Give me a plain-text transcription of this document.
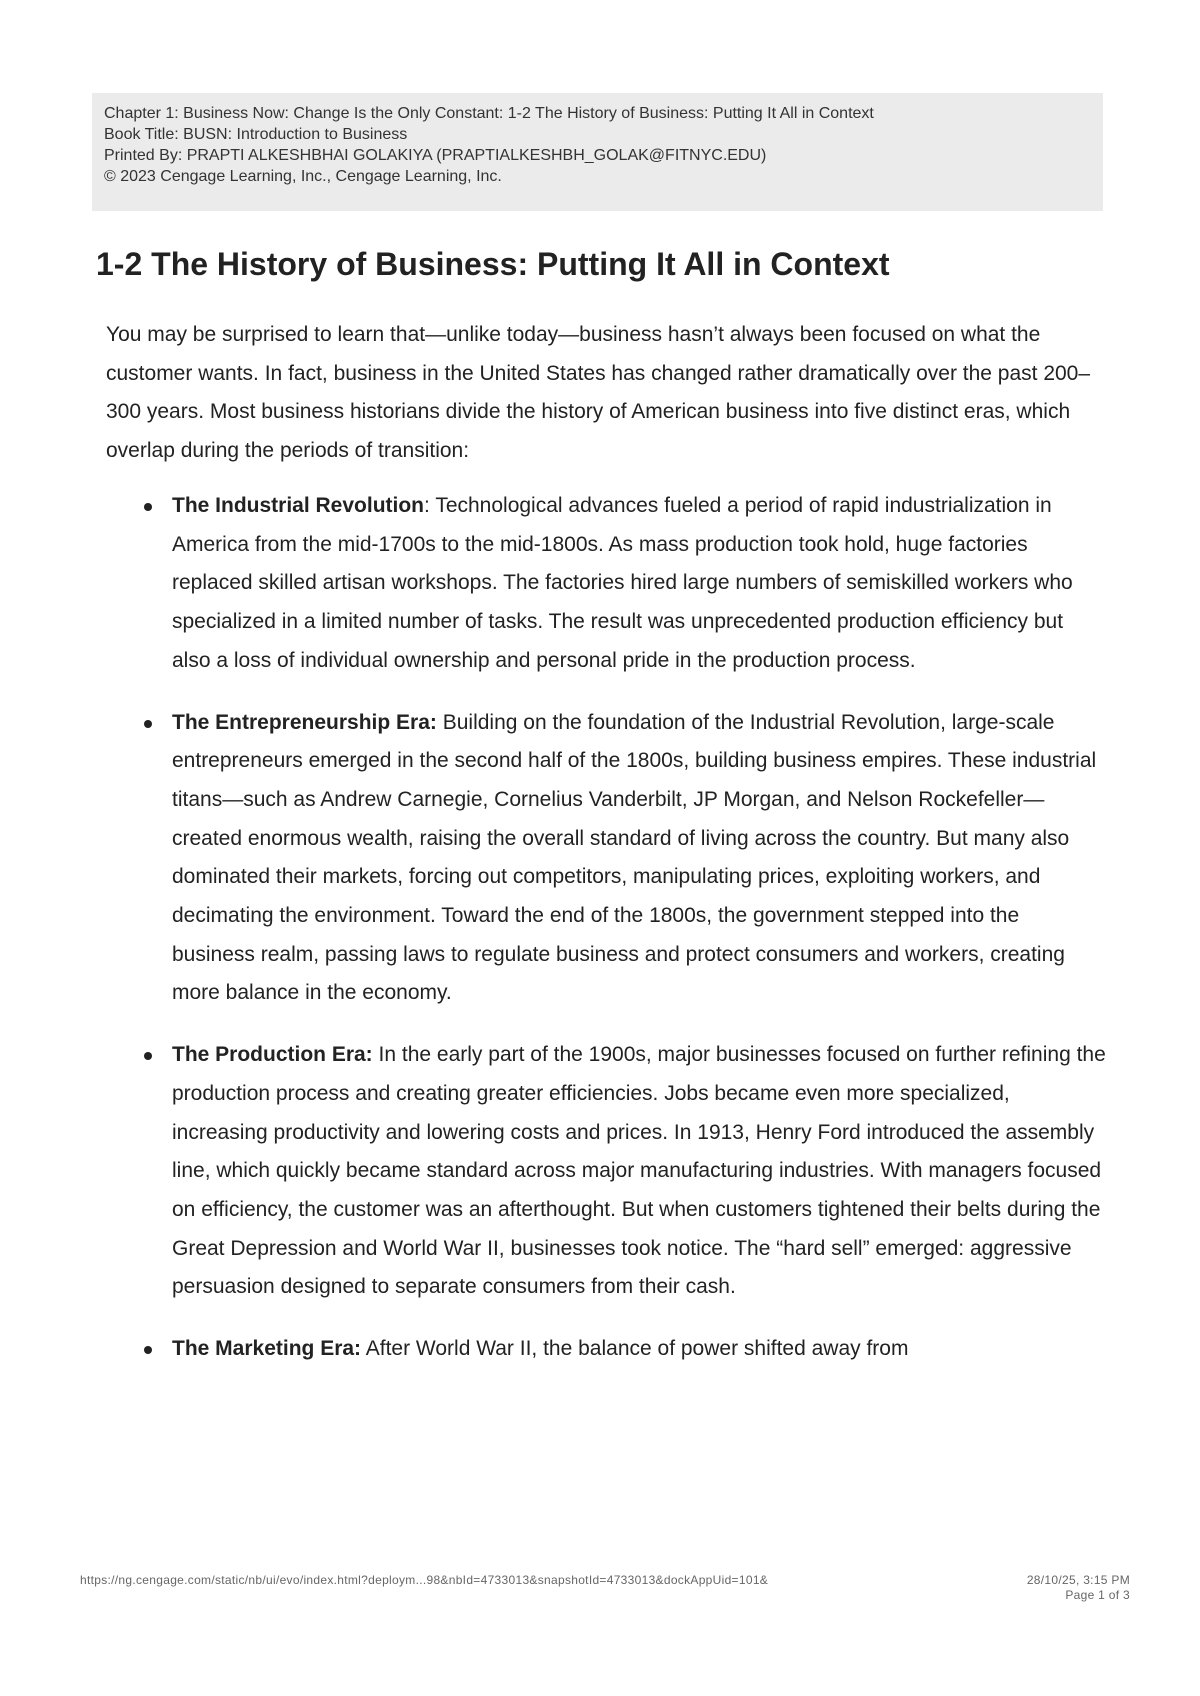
Chapter 1: Business Now: Change Is the Only Constant: 1-2 The History of Business: Putting It All in Context
Book Title: BUSN: Introduction to Business
Printed By: PRAPTI ALKESHBHAI GOLAKIYA (PRAPTIALKESHBH_GOLAK@FITNYC.EDU)
© 2023 Cengage Learning, Inc., Cengage Learning, Inc.
1-2 The History of Business: Putting It All in Context

You may be surprised to learn that—unlike today—business hasn’t always been focused on what the customer wants. In fact, business in the United States has changed rather dramatically over the past 200–300 years. Most business historians divide the history of American business into five distinct eras, which overlap during the periods of transition:

The Industrial Revolution: Technological advances fueled a period of rapid industrialization in America from the mid-1700s to the mid-1800s. As mass production took hold, huge factories replaced skilled artisan workshops. The factories hired large numbers of semiskilled workers who specialized in a limited number of tasks. The result was unprecedented production efficiency but also a loss of individual ownership and personal pride in the production process.
The Entrepreneurship Era: Building on the foundation of the Industrial Revolution, large-scale entrepreneurs emerged in the second half of the 1800s, building business empires. These industrial titans—such as Andrew Carnegie, Cornelius Vanderbilt, JP Morgan, and Nelson Rockefeller—created enormous wealth, raising the overall standard of living across the country. But many also dominated their markets, forcing out competitors, manipulating prices, exploiting workers, and decimating the environment. Toward the end of the 1800s, the government stepped into the business realm, passing laws to regulate business and protect consumers and workers, creating more balance in the economy.
The Production Era: In the early part of the 1900s, major businesses focused on further refining the production process and creating greater efficiencies. Jobs became even more specialized, increasing productivity and lowering costs and prices. In 1913, Henry Ford introduced the assembly line, which quickly became standard across major manufacturing industries. With managers focused on efficiency, the customer was an afterthought. But when customers tightened their belts during the Great Depression and World War II, businesses took notice. The “hard sell” emerged: aggressive persuasion designed to separate consumers from their cash.
The Marketing Era: After World War II, the balance of power shifted away from
https://ng.cengage.com/static/nb/ui/evo/index.html?deploym...98&nbId=4733013&snapshotId=4733013&dockAppUid=101&	28/10/25, 3:15 PM
Page 1 of 3
